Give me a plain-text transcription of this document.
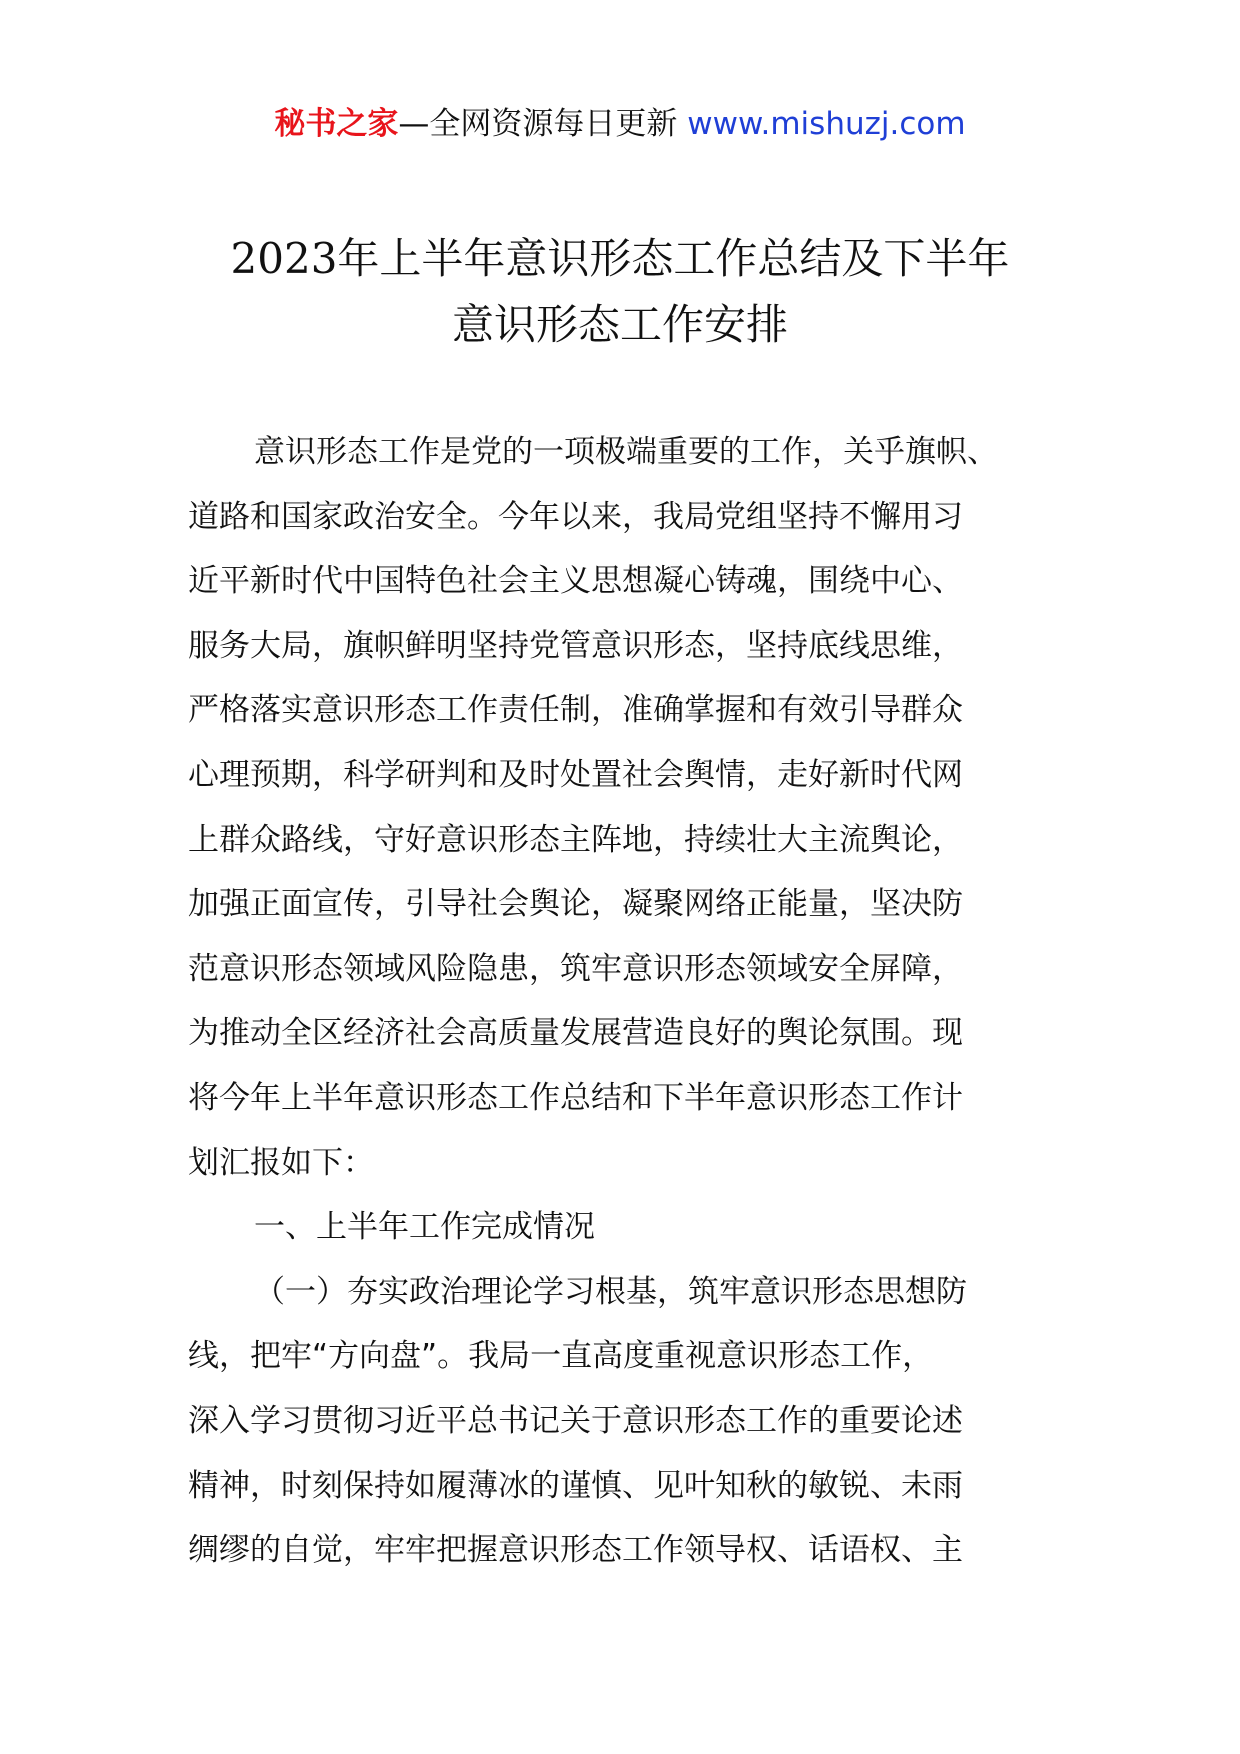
秘书之家—全网资源每日更新 www.mishuzj.com
2023年上半年意识形态工作总结及下半年
意识形态工作安排

意识形态工作是党的一项极端重要的工作，关乎旗帜、
道路和国家政治安全。今年以来，我局党组坚持不懈用习
近平新时代中国特色社会主义思想凝心铸魂，围绕中心、
服务大局，旗帜鲜明坚持党管意识形态，坚持底线思维，
严格落实意识形态工作责任制，准确掌握和有效引导群众
心理预期，科学研判和及时处置社会舆情，走好新时代网
上群众路线，守好意识形态主阵地，持续壮大主流舆论，
加强正面宣传，引导社会舆论，凝聚网络正能量，坚决防
范意识形态领域风险隐患，筑牢意识形态领域安全屏障，
为推动全区经济社会高质量发展营造良好的舆论氛围。现
将今年上半年意识形态工作总结和下半年意识形态工作计
划汇报如下：

一、上半年工作完成情况

（一）夯实政治理论学习根基，筑牢意识形态思想防
线，把牢“方向盘”。我局一直高度重视意识形态工作，
深入学习贯彻习近平总书记关于意识形态工作的重要论述
精神，时刻保持如履薄冰的谨慎、见叶知秋的敏锐、未雨
绸缪的自觉，牢牢把握意识形态工作领导权、话语权、主
